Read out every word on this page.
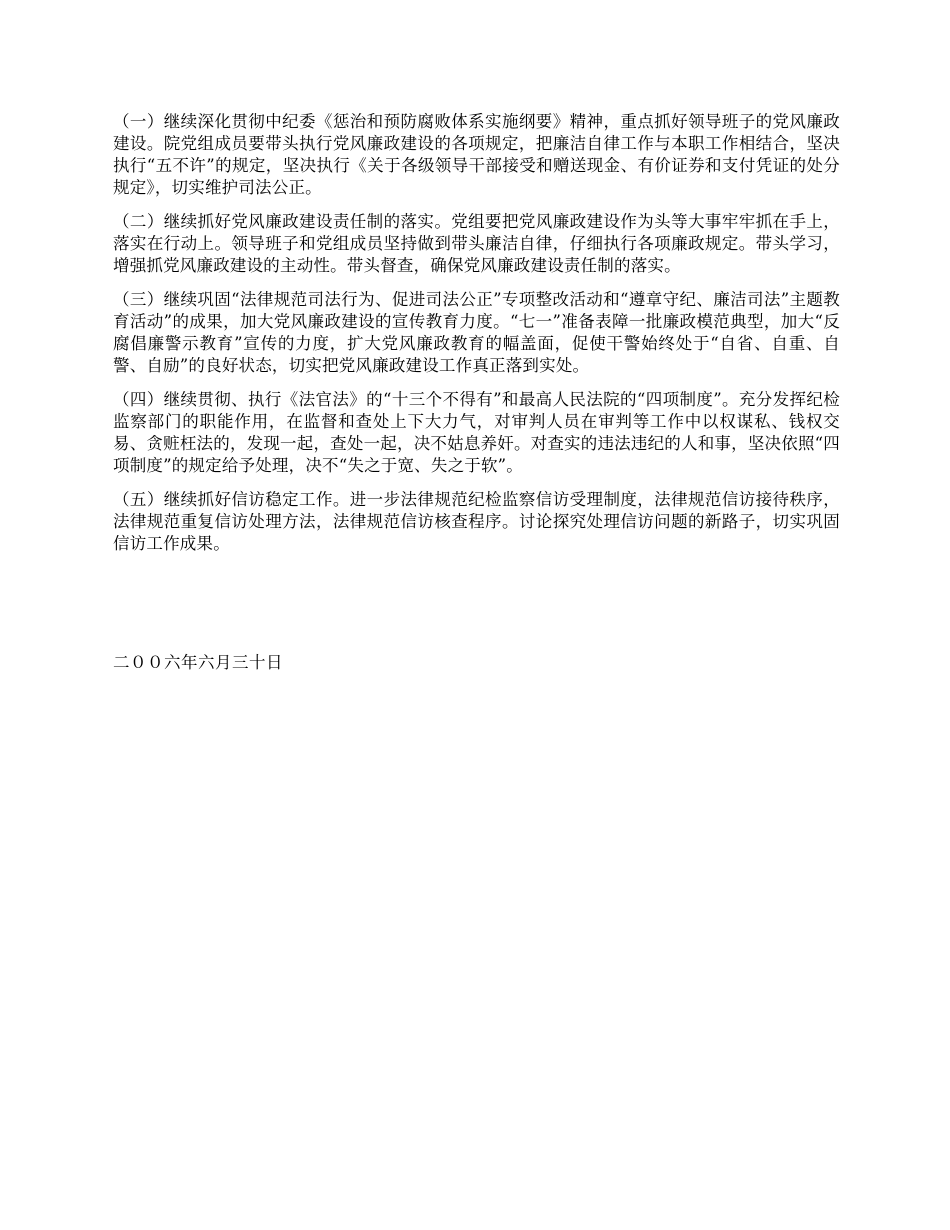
（一）继续深化贯彻中纪委《惩治和预防腐败体系实施纲要》精神，重点抓好领导班子的党风廉政建设。院党组成员要带头执行党风廉政建设的各项规定，把廉洁自律工作与本职工作相结合，坚决执行“五不许”的规定，坚决执行《关于各级领导干部接受和赠送现金、有价证券和支付凭证的处分规定》，切实维护司法公正。

（二）继续抓好党风廉政建设责任制的落实。党组要把党风廉政建设作为头等大事牢牢抓在手上，落实在行动上。领导班子和党组成员坚持做到带头廉洁自律，仔细执行各项廉政规定。带头学习，增强抓党风廉政建设的主动性。带头督查，确保党风廉政建设责任制的落实。

（三）继续巩固“法律规范司法行为、促进司法公正”专项整改活动和“遵章守纪、廉洁司法”主题教育活动”的成果，加大党风廉政建设的宣传教育力度。“七一”准备表障一批廉政模范典型，加大“反腐倡廉警示教育”宣传的力度，扩大党风廉政教育的幅盖面，促使干警始终处于“自省、自重、自警、自励”的良好状态，切实把党风廉政建设工作真正落到实处。

（四）继续贯彻、执行《法官法》的“十三个不得有”和最高人民法院的“四项制度”。充分发挥纪检监察部门的职能作用，在监督和查处上下大力气，对审判人员在审判等工作中以权谋私、钱权交易、贪赃枉法的，发现一起，查处一起，决不姑息养奸。对查实的违法违纪的人和事，坚决依照“四项制度”的规定给予处理，决不“失之于宽、失之于软”。

（五）继续抓好信访稳定工作。进一步法律规范纪检监察信访受理制度，法律规范信访接待秩序，法律规范重复信访处理方法，法律规范信访核查程序。讨论探究处理信访问题的新路子，切实巩固信访工作成果。

二００六年六月三十日
